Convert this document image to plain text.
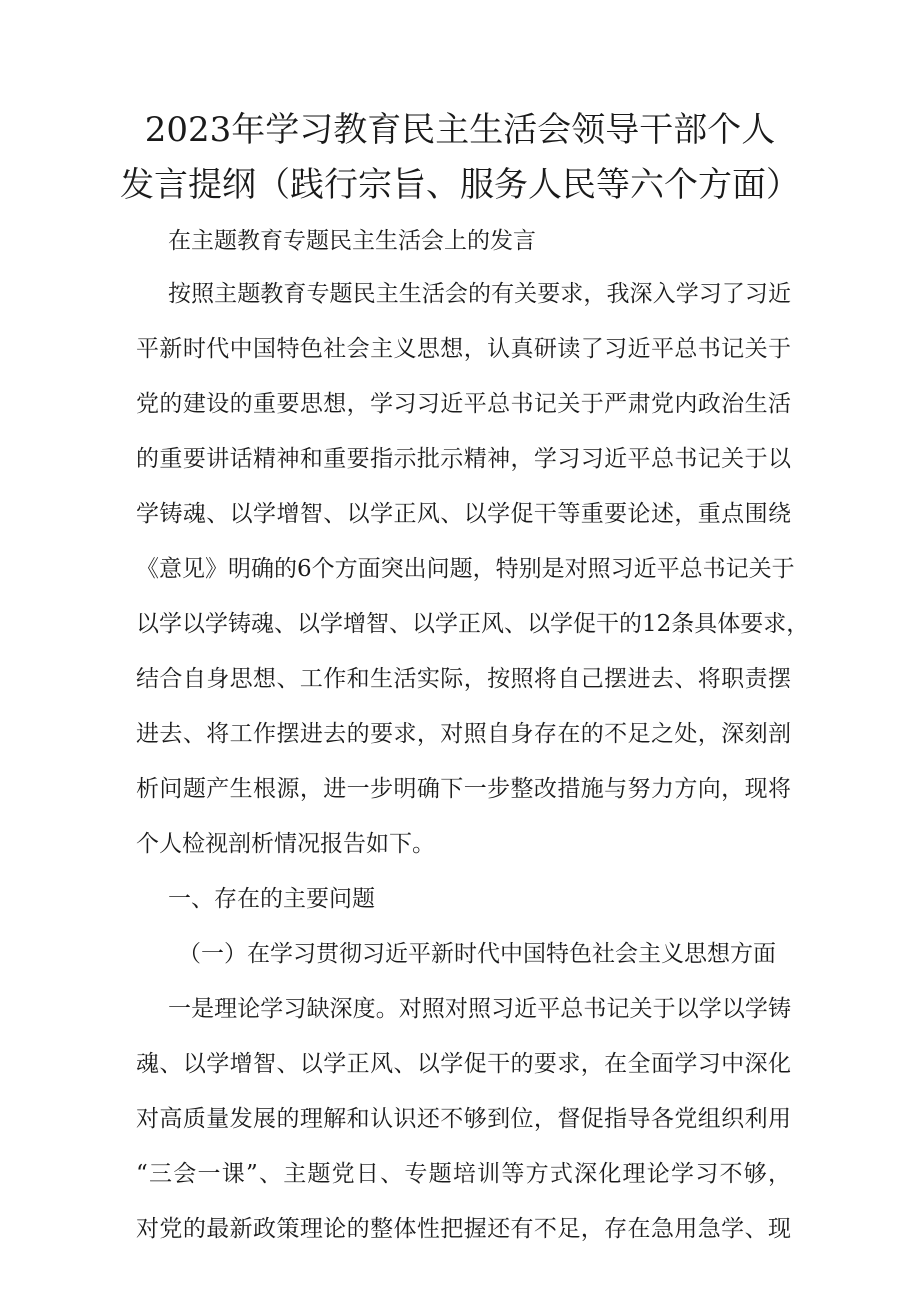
2023年学习教育民主生活会领导干部个人
发言提纲（践行宗旨、服务人民等六个方面）
在主题教育专题民主生活会上的发言
按照主题教育专题民主生活会的有关要求，我深入学习了习近
平新时代中国特色社会主义思想，认真研读了习近平总书记关于
党的建设的重要思想，学习习近平总书记关于严肃党内政治生活
的重要讲话精神和重要指示批示精神，学习习近平总书记关于以
学铸魂、以学增智、以学正风、以学促干等重要论述，重点围绕
《意见》明确的6个方面突出问题，特别是对照习近平总书记关于
以学以学铸魂、以学增智、以学正风、以学促干的12条具体要求，
结合自身思想、工作和生活实际，按照将自己摆进去、将职责摆
进去、将工作摆进去的要求，对照自身存在的不足之处，深刻剖
析问题产生根源，进一步明确下一步整改措施与努力方向，现将
个人检视剖析情况报告如下。
一、存在的主要问题
（一）在学习贯彻习近平新时代中国特色社会主义思想方面
一是理论学习缺深度。对照对照习近平总书记关于以学以学铸
魂、以学增智、以学正风、以学促干的要求，在全面学习中深化
对高质量发展的理解和认识还不够到位，督促指导各党组织利用
“三会一课”、主题党日、专题培训等方式深化理论学习不够，
对党的最新政策理论的整体性把握还有不足，存在急用急学、现
